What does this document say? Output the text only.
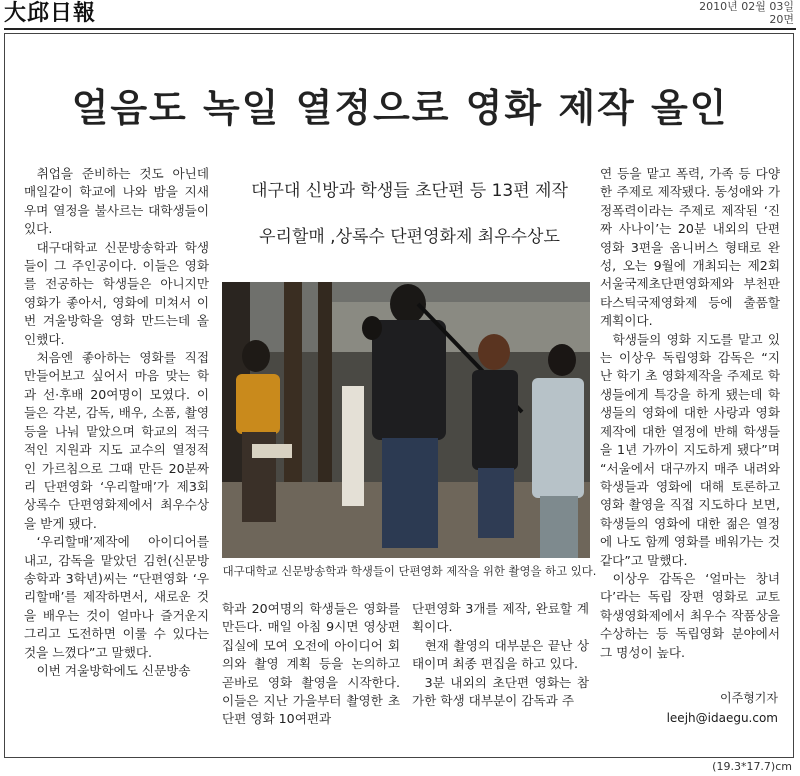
大邱日報	2010년 02월 03일
20면
얼음도 녹일 열정으로 영화 제작 올인

취업을 준비하는 것도 아닌데 매일같이 학교에 나와 밤을 지새우며 열정을 불사르는 대학생들이 있다.

대구대학교 신문방송학과 학생들이 그 주인공이다. 이들은 영화를 전공하는 학생들은 아니지만 영화가 좋아서, 영화에 미쳐서 이번 겨울방학을 영화 만드는데 올인했다.

처음엔 좋아하는 영화를 직접 만들어보고 싶어서 마음 맞는 학과 선·후배 20여명이 모였다. 이들은 각본, 감독, 배우, 소품, 촬영 등을 나눠 맡았으며 학교의 적극적인 지원과 지도 교수의 열정적인 가르침으로 그때 만든 20분짜리 단편영화 ‘우리할매’가 제3회 상록수 단편영화제에서 최우수상을 받게 됐다.

‘우리할매’제작에 아이디어를 내고, 감독을 맡았던 김헌(신문방송학과 3학년)씨는 “단편영화 ‘우리할매’를 제작하면서, 새로운 것을 배우는 것이 얼마나 즐거운지 그리고 도전하면 이룰 수 있다는 것을 느꼈다”고 말했다.

이번 겨울방학에도 신문방송

대구대 신방과 학생들 초단편 등 13편 제작
우리할매 ,상록수 단편영화제 최우수상도
대구대학교 신문방송학과 학생들이 단편영화 제작을 위한 촬영을 하고 있다.

학과 20여명의 학생들은 영화를 만든다. 매일 아침 9시면 영상편집실에 모여 오전에 아이디어 회의와 촬영 계획 등을 논의하고 곧바로 영화 촬영을 시작한다. 이들은 지난 가을부터 촬영한 초단편 영화 10여편과

단편영화 3개를 제작, 완료할 계획이다.

현재 촬영의 대부분은 끝난 상태이며 최종 편집을 하고 있다.

3분 내외의 초단편 영화는 참가한 학생 대부분이 감독과 주

연 등을 맡고 폭력, 가족 등 다양한 주제로 제작됐다. 동성애와 가정폭력이라는 주제로 제작된 ‘진짜 사나이’는 20분 내외의 단편영화 3편을 옴니버스 형태로 완성, 오는 9월에 개최되는 제2회 서울국제초단편영화제와 부천판타스틱국제영화제 등에 출품할 계획이다.

학생들의 영화 지도를 맡고 있는 이상우 독립영화 감독은 “지난 학기 초 영화제작을 주제로 학생들에게 특강을 하게 됐는데 학생들의 영화에 대한 사랑과 영화제작에 대한 열정에 반해 학생들을 1년 가까이 지도하게 됐다”며 “서울에서 대구까지 매주 내려와 학생들과 영화에 대해 토론하고 영화 촬영을 직접 지도하다 보면, 학생들의 영화에 대한 젊은 열정에 나도 함께 영화를 배워가는 것 같다”고 말했다.

이상우 감독은 ‘얼마는 창녀다’라는 독립 장편 영화로 교토 학생영화제에서 최우수 작품상을 수상하는 등 독립영화 분야에서 그 명성이 높다.

이주형기자
leejh@idaegu.com
(19.3*17.7)cm
